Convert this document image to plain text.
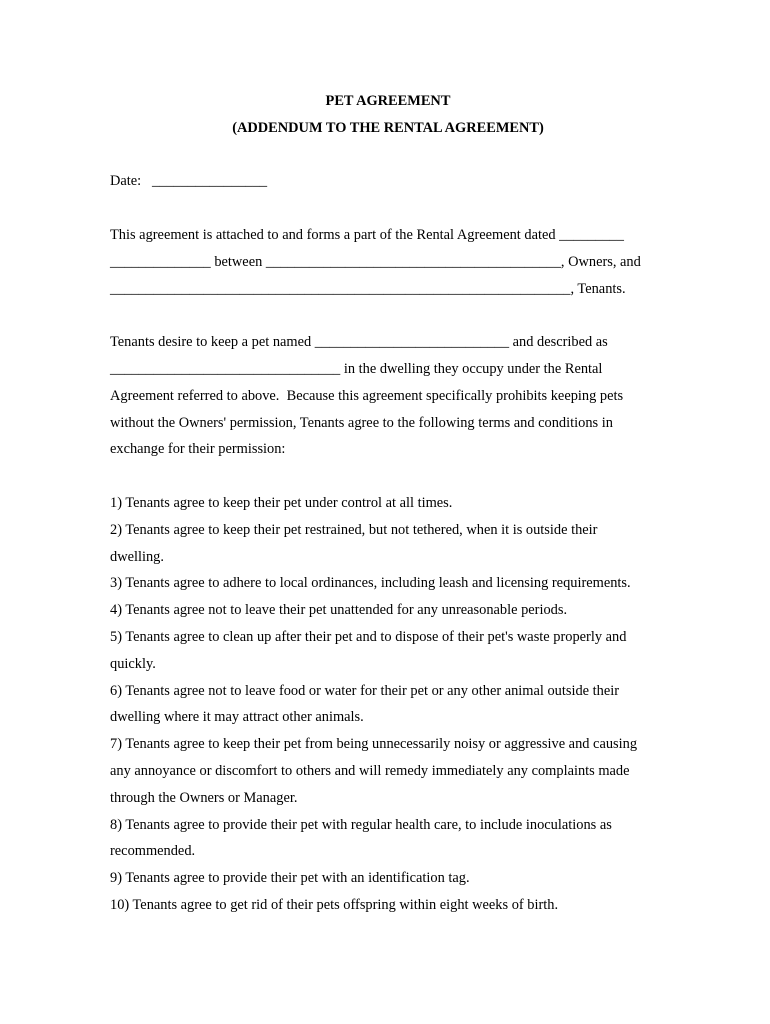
PET AGREEMENT
(ADDENDUM TO THE RENTAL AGREEMENT)
Date: ________________
This agreement is attached to and forms a part of the Rental Agreement dated _________
______________ between _________________________________________, Owners, and
________________________________________________________________, Tenants.
Tenants desire to keep a pet named ___________________________ and described as
________________________________ in the dwelling they occupy under the Rental
Agreement referred to above.  Because this agreement specifically prohibits keeping pets
without the Owners' permission, Tenants agree to the following terms and conditions in
exchange for their permission:
1) Tenants agree to keep their pet under control at all times.
2) Tenants agree to keep their pet restrained, but not tethered, when it is outside their
dwelling.
3) Tenants agree to adhere to local ordinances, including leash and licensing requirements.
4) Tenants agree not to leave their pet unattended for any unreasonable periods.
5) Tenants agree to clean up after their pet and to dispose of their pet's waste properly and
quickly.
6) Tenants agree not to leave food or water for their pet or any other animal outside their
dwelling where it may attract other animals.
7) Tenants agree to keep their pet from being unnecessarily noisy or aggressive and causing
any annoyance or discomfort to others and will remedy immediately any complaints made
through the Owners or Manager.
8) Tenants agree to provide their pet with regular health care, to include inoculations as
recommended.
9) Tenants agree to provide their pet with an identification tag.
10) Tenants agree to get rid of their pets offspring within eight weeks of birth.
